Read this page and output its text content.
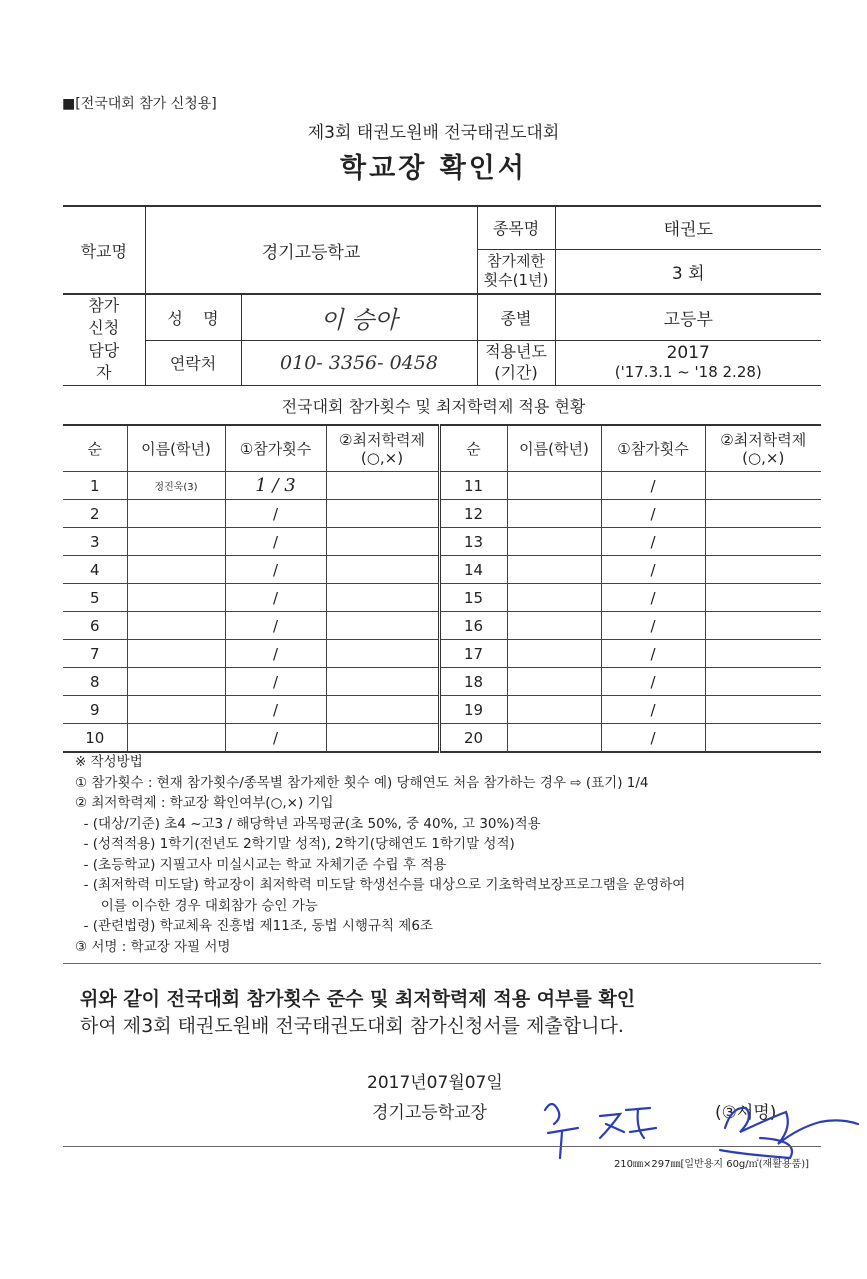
■[전국대회 참가 신청용]
제3회 태권도원배 전국태권도대회
학교장 확인서
학교명	경기고등학교		종목명	태권도
			참가제한 횟수(1년)	3 회
참가 신청 담당자	성    명	이 승아	종별	고등부
	연락처	010- 3356- 0458	적용년도 (기간)	2017
('17.3.1 ~ '18 2.28)
전국대회 참가횟수 및 최저학력제 적용 현황
순	이름(학년)	①참가횟수	②최저학력제 (○,×)	순	이름(학년)	①참가횟수	②최저학력제 (○,×)
1	정진욱(3)	1 / 3		11		/	
2		/		12		/	
3		/		13		/	
4		/		14		/	
5		/		15		/	
6		/		16		/	
7		/		17		/	
8		/		18		/	
9		/		19		/	
10		/		20		/	
※ 작성방법
① 참가횟수 : 현재 참가횟수/종목별 참가제한 횟수 예) 당해연도 처음 참가하는 경우 ⇨ (표기) 1/4
② 최저학력제 : 학교장 확인여부(○,×) 기입
- (대상/기준) 초4 ~고3 / 해당학년 과목평균(초 50%, 중 40%, 고 30%)적용
- (성적적용) 1학기(전년도 2학기말 성적), 2학기(당해연도 1학기말 성적)
- (초등학교) 지필고사 미실시교는 학교 자체기준 수립 후 적용
- (최저학력 미도달) 학교장이 최저학력 미도달 학생선수를 대상으로 기초학력보장프로그램을 운영하여
이를 이수한 경우 대회참가 승인 가능
- (관련법령) 학교체육 진흥법 제11조, 동법 시행규칙 제6조
③ 서명 : 학교장 자필 서명
위와 같이 전국대회 참가횟수 준수 및 최저학력제 적용 여부를 확인
하여 제3회 태권도원배 전국태권도대회 참가신청서를 제출합니다.
2017년07월07일
경기고등학교장	(③서명)
210㎜×297㎜[일반용지 60g/㎡(재활용품)]
